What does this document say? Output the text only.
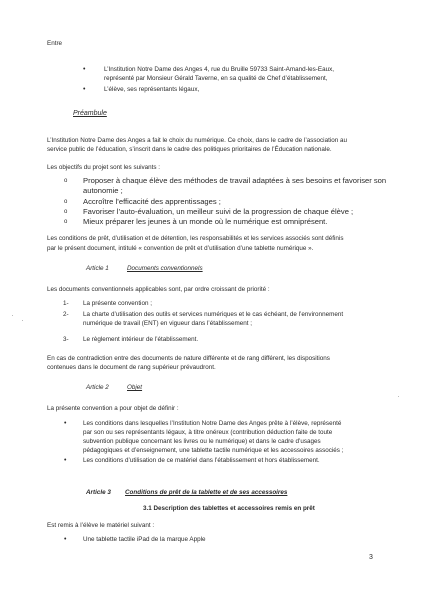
Entre
•	L’Institution Notre Dame des Anges 4, rue du Bruille 59733 Saint-Amand-les-Eaux,
représenté par Monsieur Gérald Taverne, en sa qualité de Chef d’établissement,
•	L’élève, ses représentants légaux,
Préambule
L’Institution Notre Dame des Anges a fait le choix du numérique. Ce choix, dans le cadre de l’association au
service public de l’éducation, s’inscrit dans le cadre des politiques prioritaires de l’Éducation nationale.
Les objectifs du projet sont les suivants :
o Proposer à chaque élève des méthodes de travail adaptées à ses besoins et favoriser son
autonomie ;
o Accroître l’efficacité des apprentissages ;
o Favoriser l’auto-évaluation, un meilleur suivi de la progression de chaque élève ;
o Mieux préparer les jeunes à un monde où le numérique est omniprésent.
Les conditions de prêt, d’utilisation et de détention, les responsabilités et les services associés sont définis
par le présent document, intitulé « convention de prêt et d’utilisation d’une tablette numérique ».
Article 1	Documents conventionnels
Les documents conventionnels applicables sont, par ordre croissant de priorité :
1- La présente convention ;
2- La charte d’utilisation des outils et services numériques et le cas échéant, de l’environnement
numérique de travail (ENT) en vigueur dans l’établissement ;
3- Le règlement intérieur de l’établissement.
En cas de contradiction entre des documents de nature différente et de rang différent, les dispositions
contenues dans le document de rang supérieur prévaudront.
Article 2	Objet
La présente convention a pour objet de définir :
•	Les conditions dans lesquelles l’Institution Notre Dame des Anges prête à l’élève, représenté
par son ou ses représentants légaux, à titre onéreux (contribution déduction faite de toute
subvention publique concernant les livres ou le numérique) et dans le cadre d’usages
pédagogiques et d’enseignement, une tablette tactile numérique et les accessoires associés ;
•	Les conditions d’utilisation de ce matériel dans l’établissement et hors établissement.
Article 3 Conditions de prêt de la tablette et de ses accessoires
3.1 Description des tablettes et accessoires remis en prêt
Est remis à l’élève le matériel suivant :
•	Une tablette tactile iPad de la marque Apple
3
